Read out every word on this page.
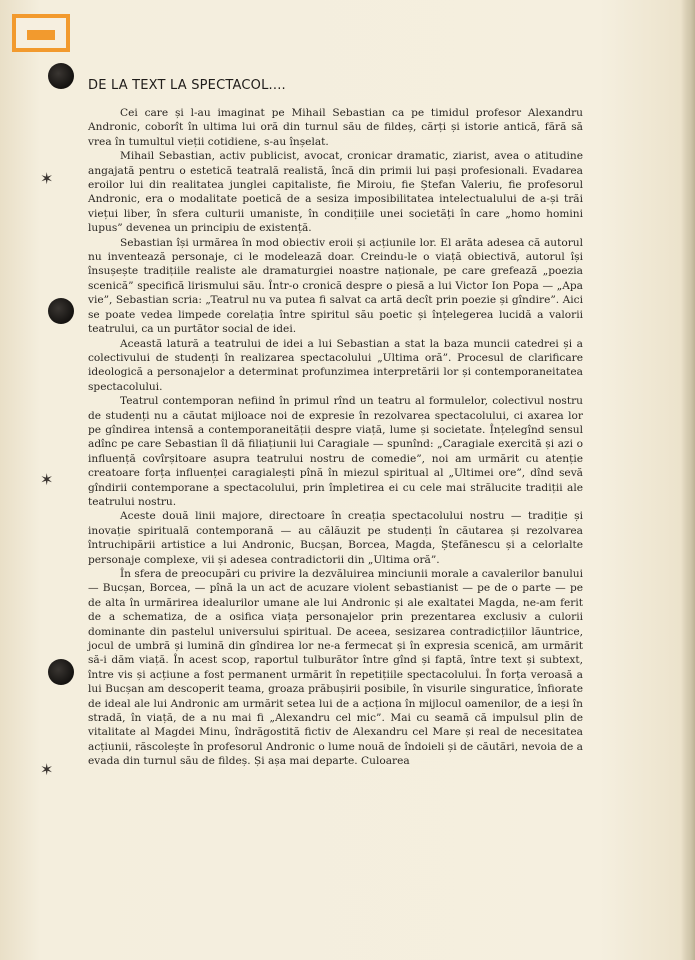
✶
✶
✶
DE LA TEXT LA SPECTACOL....

Cei care și l-au imaginat pe Mihail Sebastian ca pe timidul profesor Alexandru Andronic, coborît în ultima lui oră din turnul său de fildeș, cărți și istorie antică, fără să vrea în tumultul vieții cotidiene, s-au înșelat.

Mihail Sebastian, activ publicist, avocat, cronicar dramatic, ziarist, avea o atitudine angajată pentru o estetică teatrală realistă, încă din primii lui pași profesionali. Evadarea eroilor lui din realitatea junglei capitaliste, fie Miroiu, fie Ștefan Valeriu, fie profesorul Andronic, era o modalitate poetică de a sesiza imposibilitatea intelectualului de a-și trăi viețui liber, în sfera culturii umaniste, în condițiile unei societăți în care „homo homini lupus” devenea un principiu de existență.

Sebastian își urmărea în mod obiectiv eroii și acțiunile lor. El arăta adesea că autorul nu inventează personaje, ci le modelează doar. Creindu-le o viață obiectivă, autorul își însușește tradițiile realiste ale dramaturgiei noastre naționale, pe care grefează „poezia scenică” specifică lirismului său. Într-o cronică despre o piesă a lui Victor Ion Popa — „Apa vie”, Sebastian scria: „Teatrul nu va putea fi salvat ca artă decît prin poezie și gîndire”. Aici se poate vedea limpede corelația între spiritul său poetic și înțelegerea lucidă a valorii teatrului, ca un purtător social de idei.

Această latură a teatrului de idei a lui Sebastian a stat la baza muncii catedrei și a colectivului de studenți în realizarea spectacolului „Ultima oră”. Procesul de clarificare ideologică a personajelor a determinat profunzimea interpretării lor și contemporaneitatea spectacolului.

Teatrul contemporan nefiind în primul rînd un teatru al formulelor, colectivul nostru de studenți nu a căutat mijloace noi de expresie în rezolvarea spectacolului, ci axarea lor pe gîndirea intensă a contemporaneității despre viață, lume și societate. Înțelegînd sensul adînc pe care Sebastian îl dă filiațiunii lui Caragiale — spunînd: „Caragiale exercită și azi o influență covîrșitoare asupra teatrului nostru de comedie”, noi am urmărit cu atenție creatoare forța influenței caragialești pînă în miezul spiritual al „Ultimei ore”, dînd sevă gîndirii contemporane a spectacolului, prin împletirea ei cu cele mai strălucite tradiții ale teatrului nostru.

Aceste două linii majore, directoare în creația spectacolului nostru — tradiție și inovație spirituală contemporană — au călăuzit pe studenți în căutarea și rezolvarea întruchipării artistice a lui Andronic, Bucșan, Borcea, Magda, Ștefănescu și a celorlalte personaje complexe, vii și adesea contradictorii din „Ultima oră”.

În sfera de preocupări cu privire la dezvăluirea minciunii morale a cavalerilor banului — Bucșan, Borcea, — pînă la un act de acuzare violent sebastianist — pe de o parte — pe de alta în urmărirea idealurilor umane ale lui Andronic și ale exaltatei Magda, ne-am ferit de a schematiza, de a osifica viața personajelor prin prezentarea exclusiv a culorii dominante din pastelul universului spiritual. De aceea, sesizarea contradicțiilor lăuntrice, jocul de umbră și lumină din gîndirea lor ne-a fermecat și în expresia scenică, am urmărit să-i dăm viață. În acest scop, raportul tulburător între gînd și faptă, între text și subtext, între vis și acțiune a fost permanent urmărit în repetițiile spectacolului. În forța veroasă a lui Bucșan am descoperit teama, groaza prăbușirii posibile, în visurile singuratice, înfiorate de ideal ale lui Andronic am urmărit setea lui de a acționa în mijlocul oamenilor, de a ieși în stradă, în viață, de a nu mai fi „Alexandru cel mic”. Mai cu seamă că impulsul plin de vitalitate al Magdei Minu, îndrăgostită fictiv de Alexandru cel Mare și real de necesitatea acțiunii, răscolește în profesorul Andronic o lume nouă de îndoieli și de căutări, nevoia de a evada din turnul său de fildeș. Și așa mai departe. Culoarea
